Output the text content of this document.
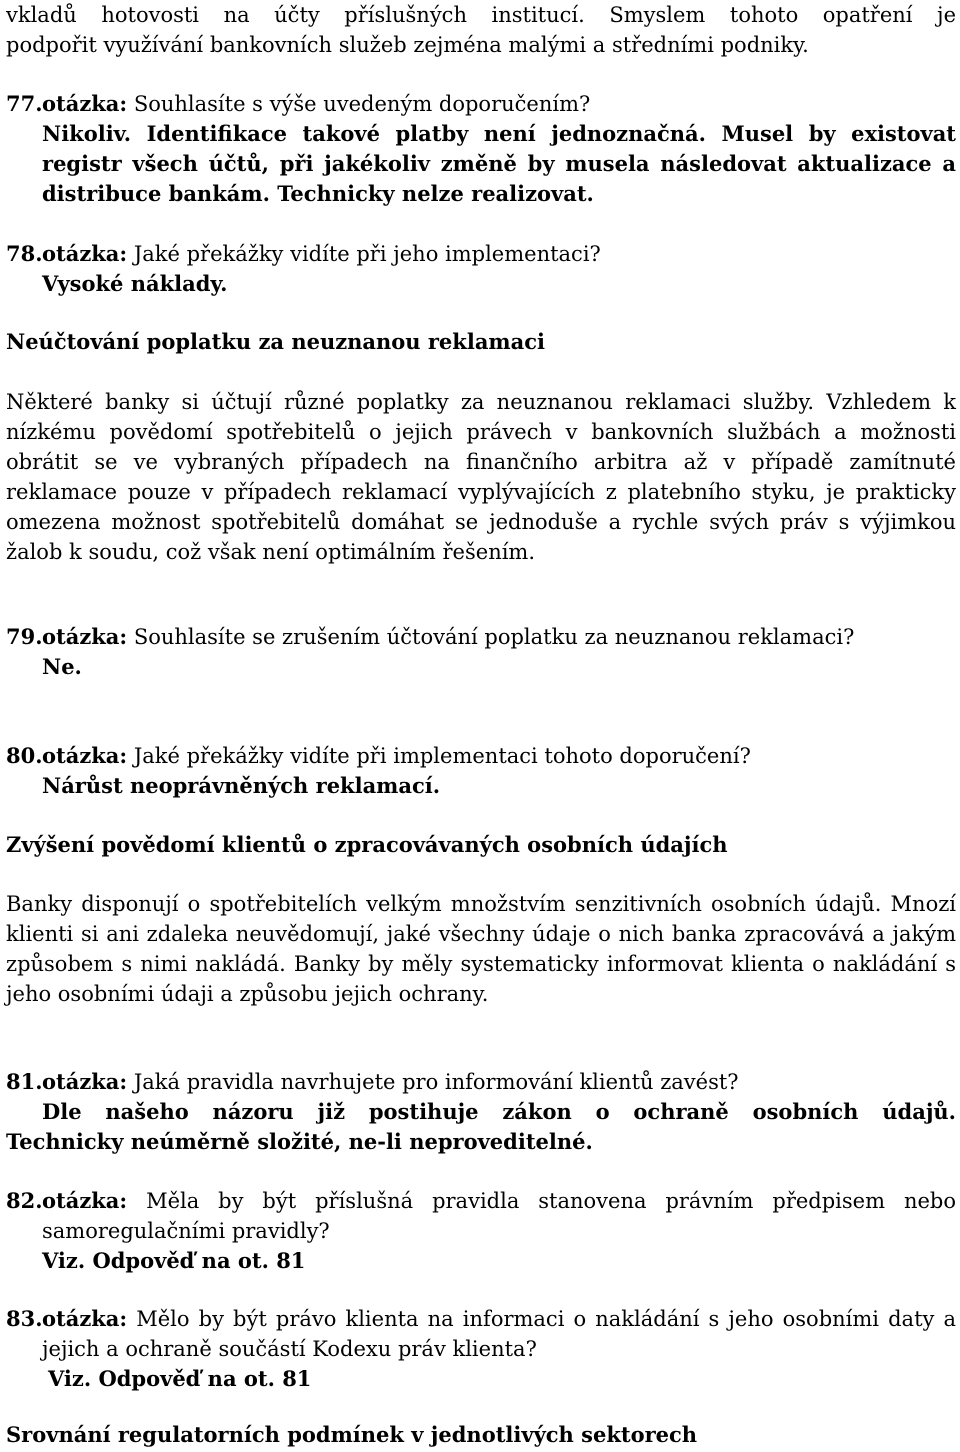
vkladů hotovosti na účty příslušných institucí. Smyslem tohoto opatření je

podpořit využívání bankovních služeb zejména malými a středními podniky.

77. otázka: Souhlasíte s výše uvedeným doporučením?

Nikoliv. Identifikace takové platby není jednoznačná. Musel by existovat registr všech účtů, při jakékoliv změně by musela následovat aktualizace a distribuce bankám. Technicky nelze realizovat.
78. otázka: Jaké překážky vidíte při jeho implementaci?

Vysoké náklady.

Neúčtování poplatku za neuznanou reklamaci
Některé banky si účtují různé poplatky za neuznanou reklamaci služby. Vzhledem k nízkému povědomí spotřebitelů o jejich právech v bankovních službách a možnosti obrátit se ve vybraných případech na finančního arbitra až v případě zamítnuté reklamace pouze v případech reklamací vyplývajících z platebního styku, je prakticky omezena možnost spotřebitelů domáhat se jednoduše a rychle svých práv s výjimkou žalob k soudu, což však není optimálním řešením.
79. otázka: Souhlasíte se zrušením účtování poplatku za neuznanou reklamaci?

Ne.

80. otázka: Jaké překážky vidíte při implementaci tohoto doporučení?

Nárůst neoprávněných reklamací.

Zvýšení povědomí klientů o zpracovávaných osobních údajích
Banky disponují o spotřebitelích velkým množstvím senzitivních osobních údajů. Mnozí klienti si ani zdaleka neuvědomují, jaké všechny údaje o nich banka zpracovává a jakým způsobem s nimi nakládá. Banky by měly systematicky informovat klienta o nakládání s jeho osobními údaji a způsobu jejich ochrany.
81. otázka: Jaká pravidla navrhujete pro informování klientů zavést?

Dle našeho názoru již postihuje zákon o ochraně osobních údajů.

Technicky neúměrně složité, ne-li neproveditelné.
82. otázka: Měla by být příslušná pravidla stanovena právním předpisem nebo samoregulačními pravidly?

Viz. Odpověď na ot. 81

83. otázka: Mělo by být právo klienta na informaci o nakládání s jeho osobními daty a jejich a ochraně součástí Kodexu práv klienta?

Viz. Odpověď na ot. 81

Srovnání regulatorních podmínek v jednotlivých sektorech
